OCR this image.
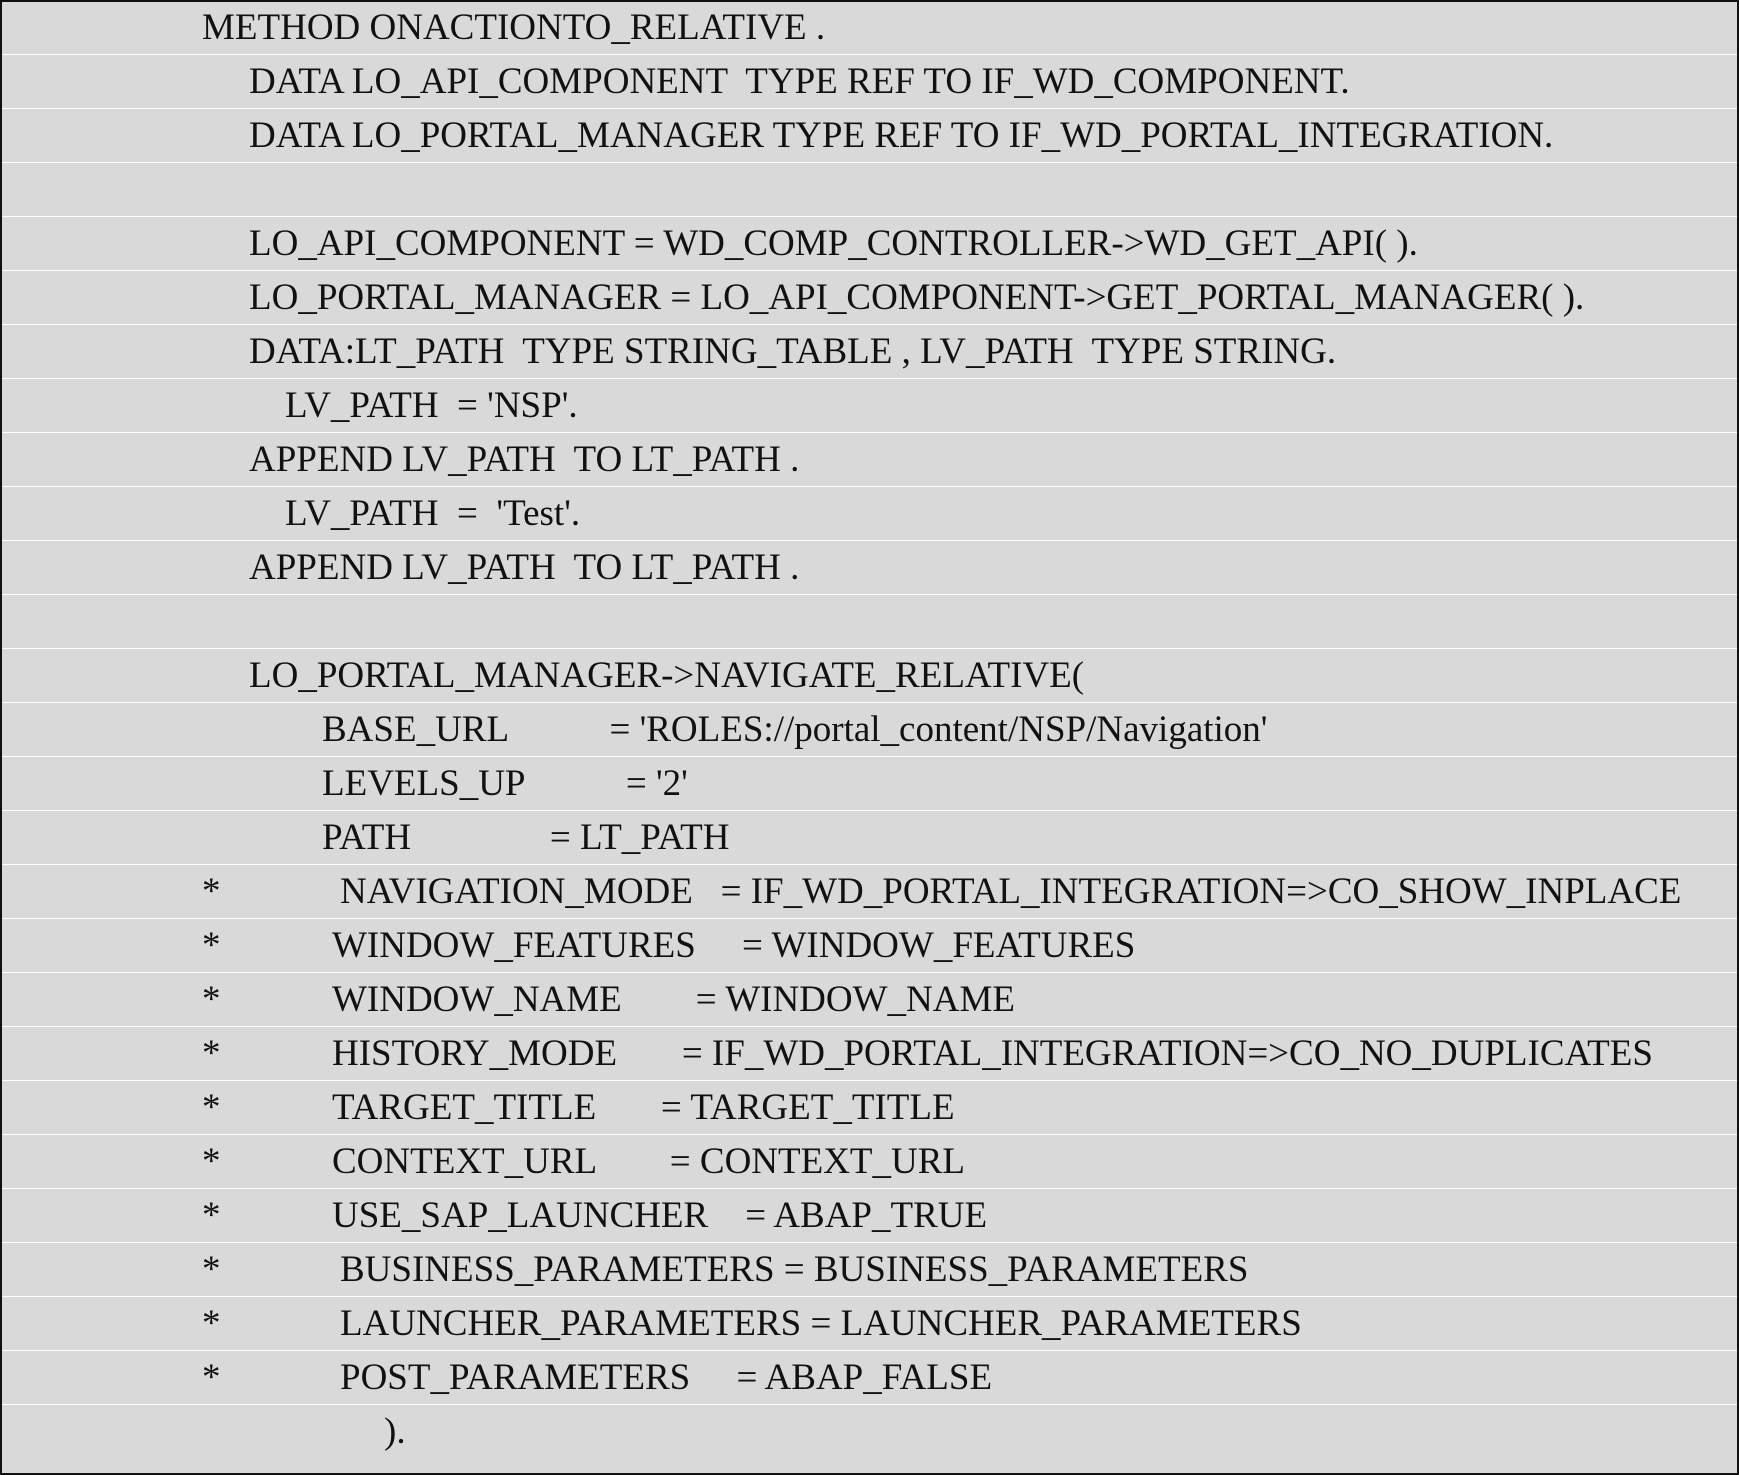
METHOD ONACTIONTO_RELATIVE .
DATA LO_API_COMPONENT  TYPE REF TO IF_WD_COMPONENT.
DATA LO_PORTAL_MANAGER TYPE REF TO IF_WD_PORTAL_INTEGRATION.
LO_API_COMPONENT = WD_COMP_CONTROLLER->WD_GET_API( ).
LO_PORTAL_MANAGER = LO_API_COMPONENT->GET_PORTAL_MANAGER( ).
DATA:LT_PATH  TYPE STRING_TABLE , LV_PATH  TYPE STRING.
LV_PATH  = 'NSP'.
APPEND LV_PATH  TO LT_PATH .
LV_PATH  =  'Test'.
APPEND LV_PATH  TO LT_PATH .
LO_PORTAL_MANAGER->NAVIGATE_RELATIVE(
BASE_URL           = 'ROLES://portal_content/NSP/Navigation'
LEVELS_UP           = '2'
PATH               = LT_PATH
*	NAVIGATION_MODE   = IF_WD_PORTAL_INTEGRATION=>CO_SHOW_INPLACE
*	WINDOW_FEATURES     = WINDOW_FEATURES
*	WINDOW_NAME        = WINDOW_NAME
*	HISTORY_MODE       = IF_WD_PORTAL_INTEGRATION=>CO_NO_DUPLICATES
*	TARGET_TITLE       = TARGET_TITLE
*	CONTEXT_URL        = CONTEXT_URL
*	USE_SAP_LAUNCHER    = ABAP_TRUE
*	BUSINESS_PARAMETERS = BUSINESS_PARAMETERS
*	LAUNCHER_PARAMETERS = LAUNCHER_PARAMETERS
*	POST_PARAMETERS     = ABAP_FALSE
).
